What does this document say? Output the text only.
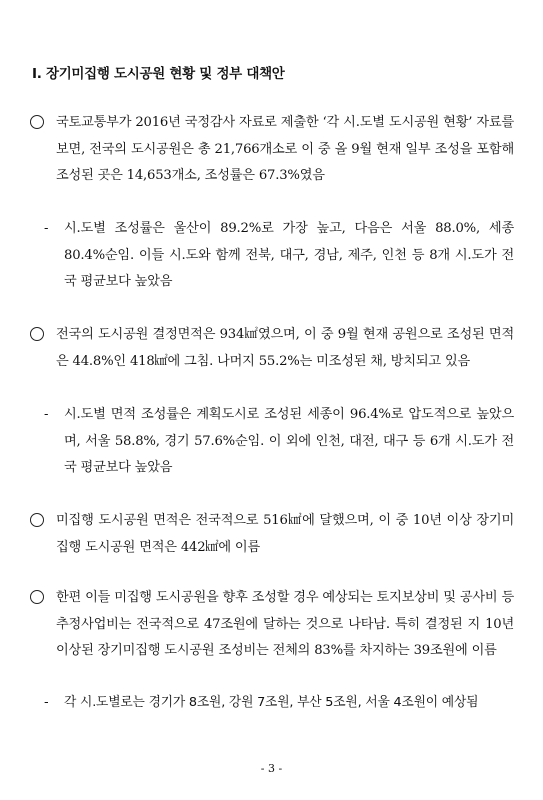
Ⅰ. 장기미집행 도시공원 현황 및 정부 대책안
국토교통부가 2016년 국정감사 자료로 제출한 ‘각 시.도별 도시공원 현황’ 자료를 보면, 전국의 도시공원은 총 21,766개소로 이 중 올 9월 현재 일부 조성을 포함해 조성된 곳은 14,653개소, 조성률은 67.3%였음
- 시.도별 조성률은 울산이 89.2%로 가장 높고, 다음은 서울 88.0%, 세종 80.4%순임. 이들 시.도와 함께 전북, 대구, 경남, 제주, 인천 등 8개 시.도가 전국 평균보다 높았음
전국의 도시공원 결정면적은 934㎢였으며, 이 중 9월 현재 공원으로 조성된 면적은 44.8%인 418㎢에 그침. 나머지 55.2%는 미조성된 채, 방치되고 있음
- 시.도별 면적 조성률은 계획도시로 조성된 세종이 96.4%로 압도적으로 높았으며, 서울 58.8%, 경기 57.6%순임. 이 외에 인천, 대전, 대구 등 6개 시.도가 전국 평균보다 높았음
미집행 도시공원 면적은 전국적으로 516㎢에 달했으며, 이 중 10년 이상 장기미집행 도시공원 면적은 442㎢에 이름
한편 이들 미집행 도시공원을 향후 조성할 경우 예상되는 토지보상비 및 공사비 등 추정사업비는 전국적으로 47조원에 달하는 것으로 나타남. 특히 결정된 지 10년 이상된 장기미집행 도시공원 조성비는 전체의 83%를 차지하는 39조원에 이름
- 각 시.도별로는 경기가 8조원, 강원 7조원, 부산 5조원, 서울 4조원이 예상됨
- 3 -
